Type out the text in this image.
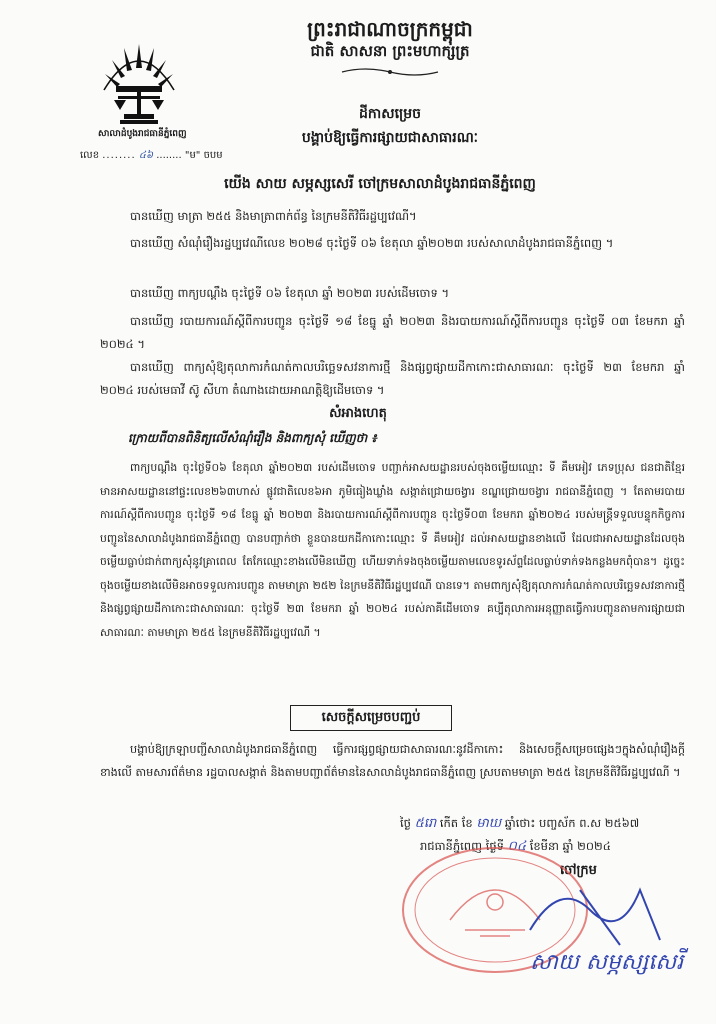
ព្រះរាជាណាចក្រកម្ពុជា

ជាតិ សាសនា ព្រះមហាក្សត្រ

សាលាដំបូងរាជធានីភ្នំពេញ

លេខ ........ ៤៦ ........ "ម" ចបម

ដីកាសម្រេច

បង្គាប់ឱ្យធ្វើការផ្សាយជាសាធារណៈ

យើង សាយ សម្ភស្សសេរី ចៅក្រមសាលាដំបូងរាជធានីភ្នំពេញ

បានឃើញ មាត្រា ២៥៥ និងមាត្រាពាក់ព័ន្ធ នៃក្រមនីតិវិធីរដ្ឋប្បវេណី។

បានឃើញ សំណុំរឿងរដ្ឋប្បវេណីលេខ ២០២៨ ចុះថ្ងៃទី ០៦ ខែតុលា ឆ្នាំ២០២៣ របស់សាលាដំបូងរាជធានីភ្នំពេញ ។

បានឃើញ ពាក្យបណ្តឹង ចុះថ្ងៃទី ០៦ ខែតុលា ឆ្នាំ ២០២៣ របស់ដើមចោទ ។

បានឃើញ របាយការណ៍ស្តីពីការបញ្ជូន ចុះថ្ងៃទី ១៨ ខែធ្នូ ឆ្នាំ ២០២៣ និងរបាយការណ៍ស្តីពីការបញ្ជូន ចុះថ្ងៃទី ០៣ ខែមករា ឆ្នាំ ២០២៤ ។

បានឃើញ ពាក្យសុំឱ្យតុលាការកំណត់កាលបរិច្ឆេទសវនាការថ្មី និងផ្សព្វផ្សាយដីកាកោះជាសាធារណៈ ចុះថ្ងៃទី ២៣ ខែមករា ឆ្នាំ ២០២៤ របស់មេធាវី ស៊ូ សីហា តំណាងដោយអាណត្តិឱ្យដើមចោទ ។

សំអាងហេតុ

ក្រោយពីបានពិនិត្យលើសំណុំរឿង និងពាក្យសុំ ឃើញថា ៖

ពាក្យបណ្តឹង ចុះថ្ងៃទី០៦ ខែតុលា ឆ្នាំ២០២៣ របស់ដើមចោទ បញ្ជាក់អាសយដ្ឋានរបស់ចុងចម្លើយឈ្មោះ ទី គឹមអៀវ ភេទប្រុស ជនជាតិខ្មែរ មានអាសយដ្ឋាននៅផ្ទះលេខ២៦៣ហាស់ ផ្លូវជាតិលេខ៦អា ភូមិធៀងឃ្លាំង សង្កាត់ជ្រោយចង្វារ ខណ្ឌជ្រោយចង្វារ រាជធានីភ្នំពេញ ។ តែតាមរបាយការណ៍ស្តីពីការបញ្ជូន ចុះថ្ងៃទី ១៨ ខែធ្នូ ឆ្នាំ ២០២៣ និងរបាយការណ៍ស្តីពីការបញ្ជូន ចុះថ្ងៃទី០៣ ខែមករា ឆ្នាំ២០២៤ របស់មន្ត្រីទទួលបន្ទុកកិច្ចការបញ្ជូននៃសាលាដំបូងរាជធានីភ្នំពេញ បានបញ្ជាក់ថា ខ្លួនបានយកដីកាកោះឈ្មោះ ទី គឹមអៀវ ដល់អាសយដ្ឋានខាងលើ ដែលជាអាសយដ្ឋានដែលចុងចម្លើយធ្លាប់ជាក់ពាក្យសុំនូវគ្រាពេល តែកែឈ្មោះខាងលើមិនឃើញ ហើយទាក់ទងចុងចម្លើយតាមលេខទូរស័ព្ទដែលធ្លាប់ទាក់ទងកន្លងមកពុំបាន។ ដូច្នេះចុងចម្លើយខាងលើមិនអាចទទួលការបញ្ជូន តាមមាត្រា ២៥២ នៃក្រមនីតិវិធីរដ្ឋប្បវេណី បានទេ។ តាមពាក្យសុំឱ្យតុលាការកំណត់កាលបរិច្ឆេទសវនាការថ្មី និងផ្សព្វផ្សាយដីកាកោះជាសាធារណៈ ចុះថ្ងៃទី ២៣ ខែមករា ឆ្នាំ ២០២៤ របស់ភាគីដើមចោទ គប្បីតុលាការអនុញ្ញាតធ្វើការបញ្ជូនតាមការផ្សាយជាសាធារណៈ តាមមាត្រា ២៥៥ នៃក្រមនីតិវិធីរដ្ឋប្បវេណី ។

សេចក្តីសម្រេចបញ្ជប់

បង្គាប់ឱ្យក្រឡាបញ្ជីសាលាដំបូងរាជធានីភ្នំពេញ ធ្វើការផ្សព្វផ្សាយជាសាធារណៈនូវដីកាកោះ និងសេចក្តីសម្រេចផ្សេងៗក្នុងសំណុំរឿងក្តីខាងលើ តាមសារព័ត៌មាន រដ្ឋបាលសង្កាត់ និងតាមបញ្ជាព័ត៌មាននៃសាលាដំបូងរាជធានីភ្នំពេញ ស្របតាមមាត្រា ២៥៥ នៃក្រមនីតិវិធីរដ្ឋប្បវេណី ។

ថ្ងៃ ៥រោ កើត ខែ មាឃ ឆ្នាំថោះ បញ្ចស័ក ព.ស ២៥៦៧

រាជធានីភ្នំពេញ ថ្ងៃទី ០៤ ខែមីនា ឆ្នាំ ២០២៤

ចៅក្រម

សាយ សម្ភស្សសេរី
